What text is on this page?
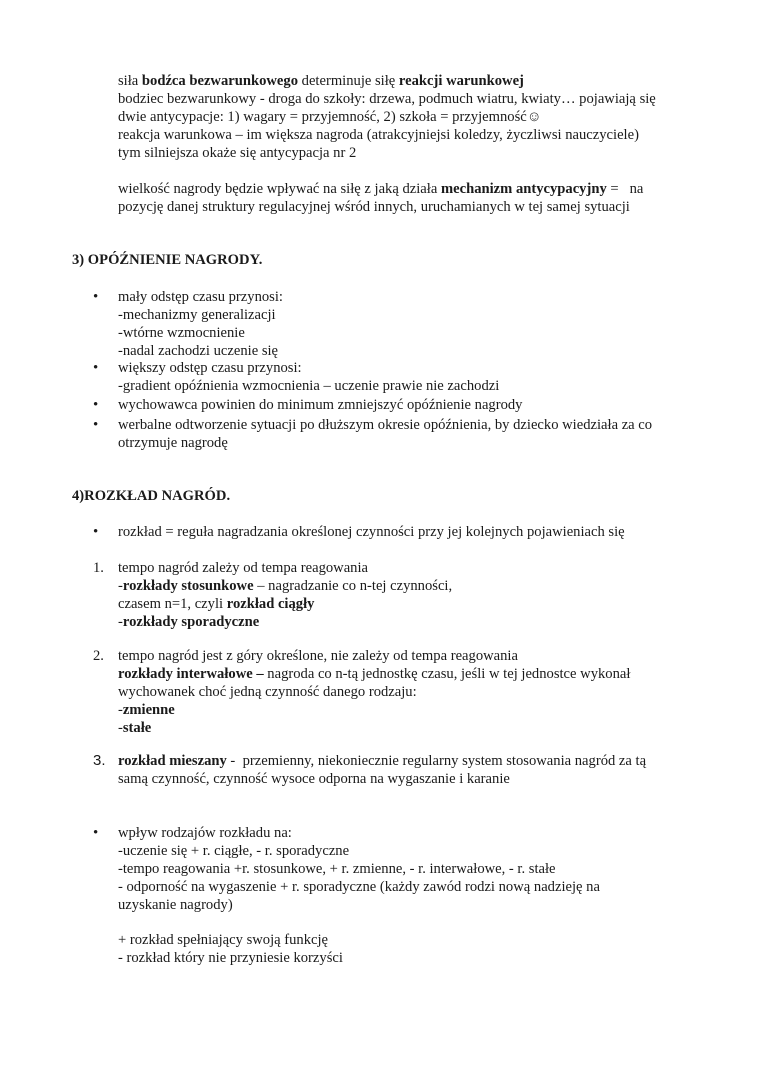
siła bodźca bezwarunkowego determinuje siłę reakcji warunkowej
bodziec bezwarunkowy - droga do szkoły: drzewa, podmuch wiatru, kwiaty… pojawiają się
dwie antycypacje: 1) wagary = przyjemność, 2) szkoła = przyjemność☺
reakcja warunkowa – im większa nagroda (atrakcyjniejsi koledzy, życzliwsi nauczyciele)
tym silniejsza okaże się antycypacja nr 2
wielkość nagrody będzie wpływać na siłę z jaką działa mechanizm antycypacyjny =   na
pozycję danej struktury regulacyjnej wśród innych, uruchamianych w tej samej sytuacji
3) OPÓŹNIENIE NAGRODY.
•	mały odstęp czasu przynosi:
-mechanizmy generalizacji
-wtórne wzmocnienie
-nadal zachodzi uczenie się
•	większy odstęp czasu przynosi:
-gradient opóźnienia wzmocnienia – uczenie prawie nie zachodzi
•	wychowawca powinien do minimum zmniejszyć opóźnienie nagrody
•	werbalne odtworzenie sytuacji po dłuższym okresie opóźnienia, by dziecko wiedziała za co
otrzymuje nagrodę
4)ROZKŁAD NAGRÓD.
•	rozkład = reguła nagradzania określonej czynności przy jej kolejnych pojawieniach się
1. tempo nagród zależy od tempa reagowania
-rozkłady stosunkowe – nagradzanie co n-tej czynności,
czasem n=1, czyli rozkład ciągły
-rozkłady sporadyczne
2. tempo nagród jest z góry określone, nie zależy od tempa reagowania
rozkłady interwałowe – nagroda co n-tą jednostkę czasu, jeśli w tej jednostce wykonał
wychowanek choć jedną czynność danego rodzaju:
-zmienne
-stałe
3. rozkład mieszany -  przemienny, niekoniecznie regularny system stosowania nagród za tą
samą czynność, czynność wysoce odporna na wygaszanie i karanie
•	wpływ rodzajów rozkładu na:
-uczenie się + r. ciągłe, - r. sporadyczne
-tempo reagowania +r. stosunkowe, + r. zmienne, - r. interwałowe, - r. stałe
- odporność na wygaszenie + r. sporadyczne (każdy zawód rodzi nową nadzieję na
uzyskanie nagrody)
+ rozkład spełniający swoją funkcję
- rozkład który nie przyniesie korzyści
